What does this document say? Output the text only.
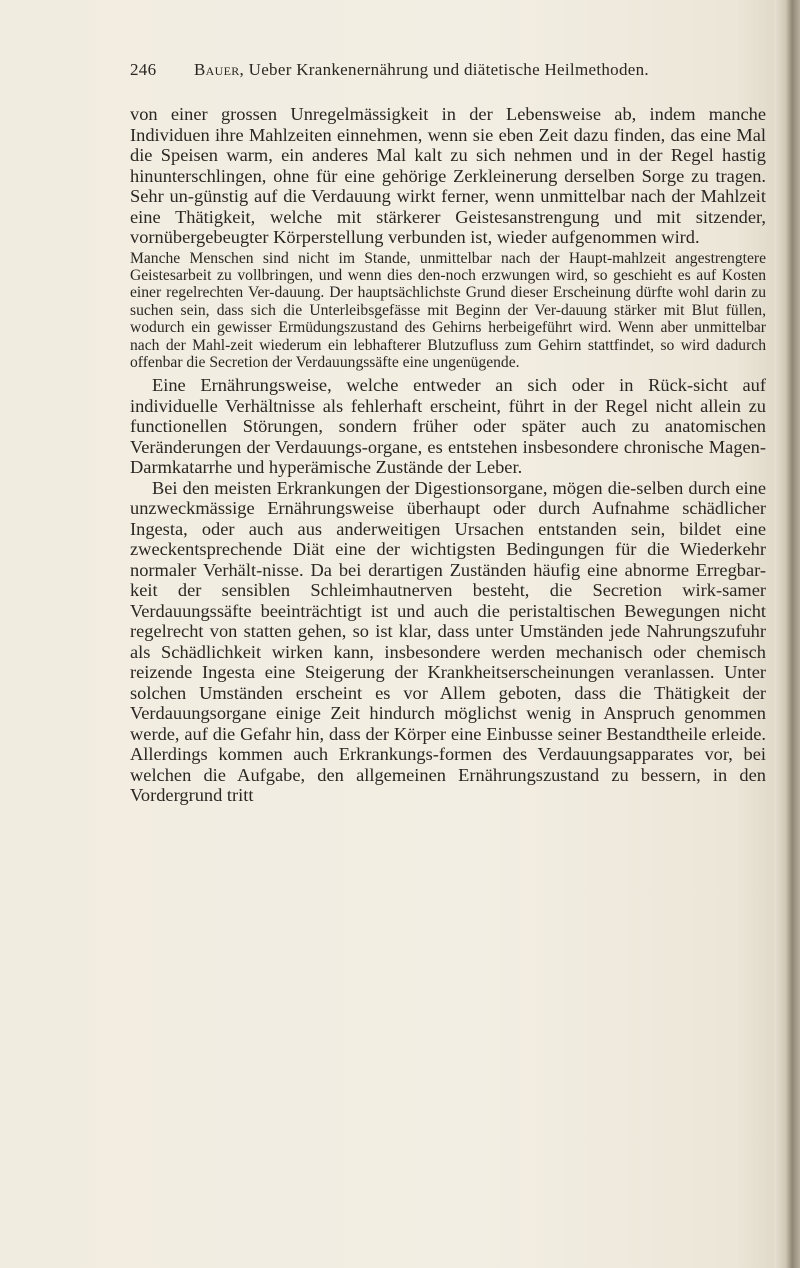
246 Bauer, Ueber Krankenernährung und diätetische Heilmethoden.

von einer grossen Unregelmässigkeit in der Lebensweise ab, indem manche Individuen ihre Mahlzeiten einnehmen, wenn sie eben Zeit dazu finden, das eine Mal die Speisen warm, ein anderes Mal kalt zu sich nehmen und in der Regel hastig hinunterschlingen, ohne für eine gehörige Zerkleinerung derselben Sorge zu tragen. Sehr un-günstig auf die Verdauung wirkt ferner, wenn unmittelbar nach der Mahlzeit eine Thätigkeit, welche mit stärkerer Geistesanstrengung und mit sitzender, vornübergebeugter Körperstellung verbunden ist, wieder aufgenommen wird.

Manche Menschen sind nicht im Stande, unmittelbar nach der Haupt-mahlzeit angestrengtere Geistesarbeit zu vollbringen, und wenn dies den-noch erzwungen wird, so geschieht es auf Kosten einer regelrechten Ver-dauung. Der hauptsächlichste Grund dieser Erscheinung dürfte wohl darin zu suchen sein, dass sich die Unterleibsgefässe mit Beginn der Ver-dauung stärker mit Blut füllen, wodurch ein gewisser Ermüdungszustand des Gehirns herbeigeführt wird. Wenn aber unmittelbar nach der Mahl-zeit wiederum ein lebhafterer Blutzufluss zum Gehirn stattfindet, so wird dadurch offenbar die Secretion der Verdauungssäfte eine ungenügende.

Eine Ernährungsweise, welche entweder an sich oder in Rück-sicht auf individuelle Verhältnisse als fehlerhaft erscheint, führt in der Regel nicht allein zu functionellen Störungen, sondern früher oder später auch zu anatomischen Veränderungen der Verdauungs-organe, es entstehen insbesondere chronische Magen-Darmkatarrhe und hyperämische Zustände der Leber.

Bei den meisten Erkrankungen der Digestionsorgane, mögen die-selben durch eine unzweckmässige Ernährungsweise überhaupt oder durch Aufnahme schädlicher Ingesta, oder auch aus anderweitigen Ursachen entstanden sein, bildet eine zweckentsprechende Diät eine der wichtigsten Bedingungen für die Wiederkehr normaler Verhält-nisse. Da bei derartigen Zuständen häufig eine abnorme Erregbar-keit der sensiblen Schleimhautnerven besteht, die Secretion wirk-samer Verdauungssäfte beeinträchtigt ist und auch die peristaltischen Bewegungen nicht regelrecht von statten gehen, so ist klar, dass unter Umständen jede Nahrungszufuhr als Schädlichkeit wirken kann, insbesondere werden mechanisch oder chemisch reizende Ingesta eine Steigerung der Krankheitserscheinungen veranlassen. Unter solchen Umständen erscheint es vor Allem geboten, dass die Thätigkeit der Verdauungsorgane einige Zeit hindurch möglichst wenig in Anspruch genommen werde, auf die Gefahr hin, dass der Körper eine Einbusse seiner Bestandtheile erleide. Allerdings kommen auch Erkrankungs-formen des Verdauungsapparates vor, bei welchen die Aufgabe, den allgemeinen Ernährungszustand zu bessern, in den Vordergrund tritt
